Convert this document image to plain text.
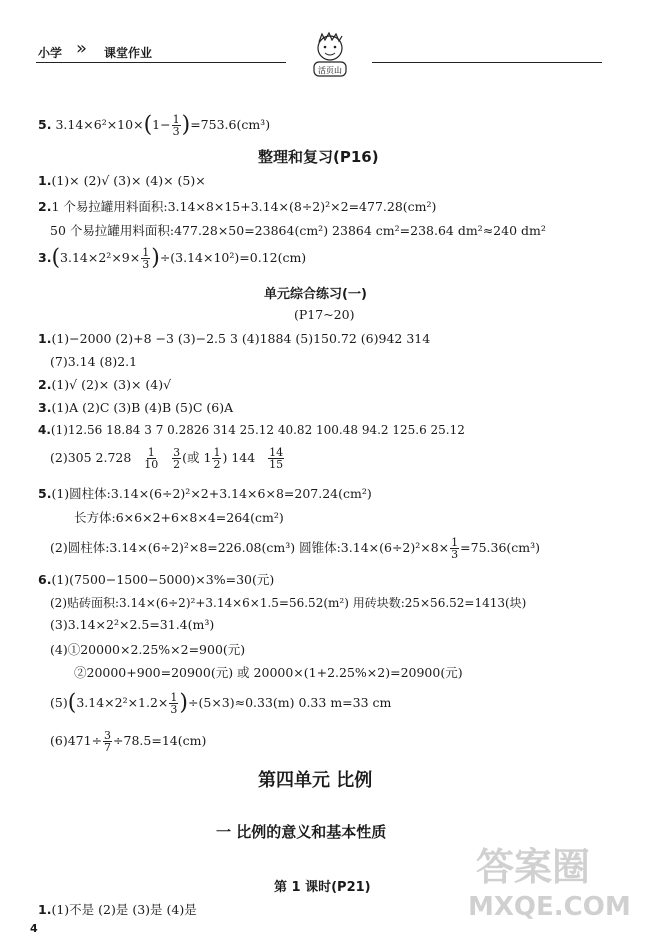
小学 » 课堂作业
活页山
5. $3.14\times 6^2\times 10\times(1- \frac{1}{3} )=753.6(cm^3)$
整理和复习(P16)
1.(1)× (2)√ (3)× (4)× (5)×
2.1 个易拉罐用料面积:3.14×8×15+3.14×(8÷2)²×2=477.28(cm²)
50 个易拉罐用料面积:477.28×50=23864(cm²) 23864 cm²=238.64 dm²≈240 dm²
$3.(3.14\times 2^2\times 9\times \frac{1}{3} )\div(3.14\times 10^2)=0.12(cm)$
单元综合练习(一)
(P17~20)
1.(1)−2000 (2)+8 −3 (3)−2.5 3 (4)1884 (5)150.72 (6)942 314
(7)3.14 (8)2.1
2.(1)√ (2)× (3)× (4)√
3.(1)A (2)C (3)B (4)B (5)C (6)A
4.(1)12.56 18.84 3 7 0.2826 314 25.12 40.82 100.48 94.2 125.6 25.12
(2)305 $2.728 \frac{1}{10}$
$\frac{3}{2}$ (或 $1 \frac{1}{2}$ ) $144 \frac{14}{15}$
5.(1)圆柱体:3.14×(6÷2)²×2+3.14×6×8=207.24(cm²)
长方体:6×6×2+6×8×4=264(cm²)
(2)圆柱体:3.14×(6÷2)²×8=226.08(cm³) 圆锥体:3.14×(6÷2)²×8× $\frac{1}{3} =75.36(cm^3)$
6.(1)(7500−1500−5000)×3%=30(元)
(2)贴砖面积:3.14×(6÷2)²+3.14×6×1.5=56.52(m²) 用砖块数:25×56.52=1413(块)
(3)3.14×2²×2.5=31.4(m³)
(4)①20000×2.25%×2=900(元)
②20000+900=20900(元) 或 20000×(1+2.25%×2)=20900(元)
$(5)(3.14\times 2^2\times 1.2\times \frac{1}{3} )\div(5\times 3)\approx 0.33(m)$ 0.33 m=33 cm
$(6)471\div \frac{3}{7} \div 78.5=14(cm)$
第四单元 比例
一 比例的意义和基本性质
第 1 课时(P21)
1.(1)不是 (2)是 (3)是 (4)是
4
答案圈
MXQE.COM
